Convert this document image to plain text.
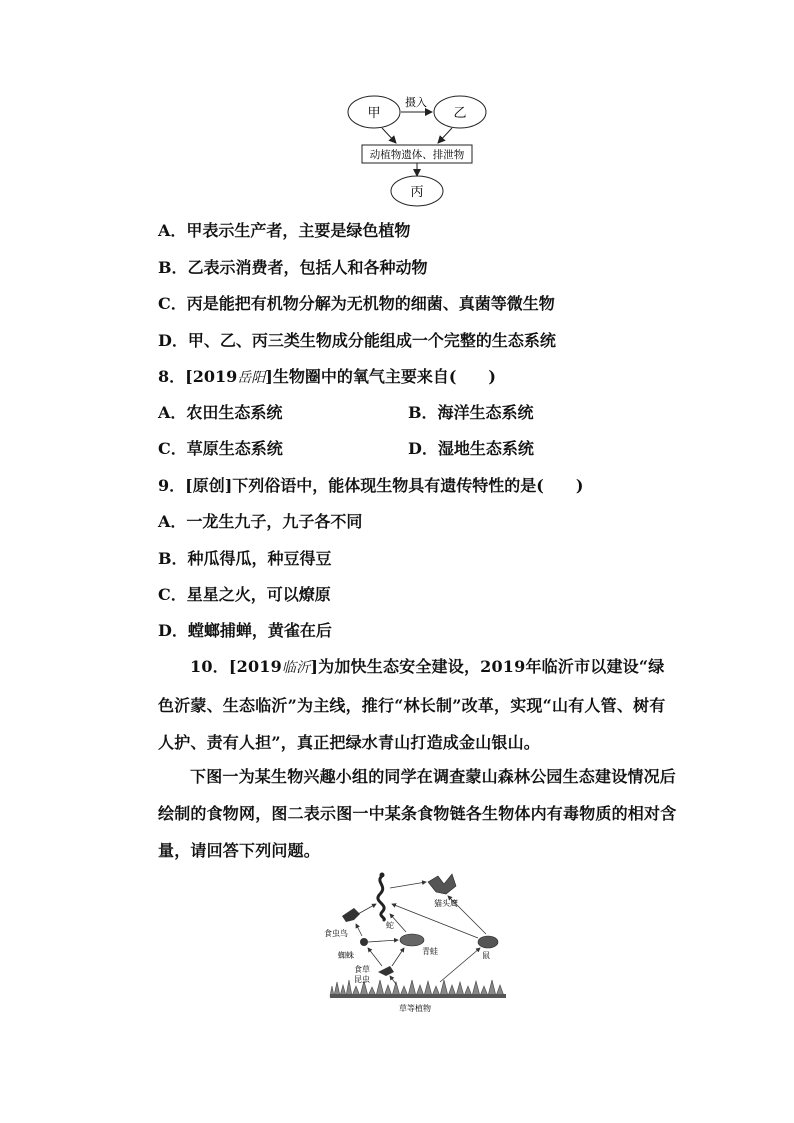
甲	乙
摄入
动植物遗体、排泄物
丙
A．甲表示生产者，主要是绿色植物
B．乙表示消费者，包括人和各种动物
C．丙是能把有机物分解为无机物的细菌、真菌等微生物
D．甲、乙、丙三类生物成分能组成一个完整的生态系统
8．[2019岳阳]生物圈中的氧气主要来自(　　)
A．农田生态系统	B．海洋生态系统
C．草原生态系统	D．湿地生态系统
9．[原创]下列俗语中，能体现生物具有遗传特性的是(　　)
A．一龙生九子，九子各不同
B．种瓜得瓜，种豆得豆
C．星星之火，可以燎原
D．螳螂捕蝉，黄雀在后
10．[2019临沂]为加快生态安全建设，2019年临沂市以建设“绿色沂蒙、生态临沂”为主线，推行“林长制”改革，实现“山有人管、树有人护、责有人担”，真正把绿水青山打造成金山银山。
下图一为某生物兴趣小组的同学在调查蒙山森林公园生态建设情况后绘制的食物网，图二表示图一中某条食物链各生物体内有毒物质的相对含量，请回答下列问题。
草等植物
蛇
猫头鹰
食虫鸟
蜘蛛	青蛙	鼠
食草
昆虫
